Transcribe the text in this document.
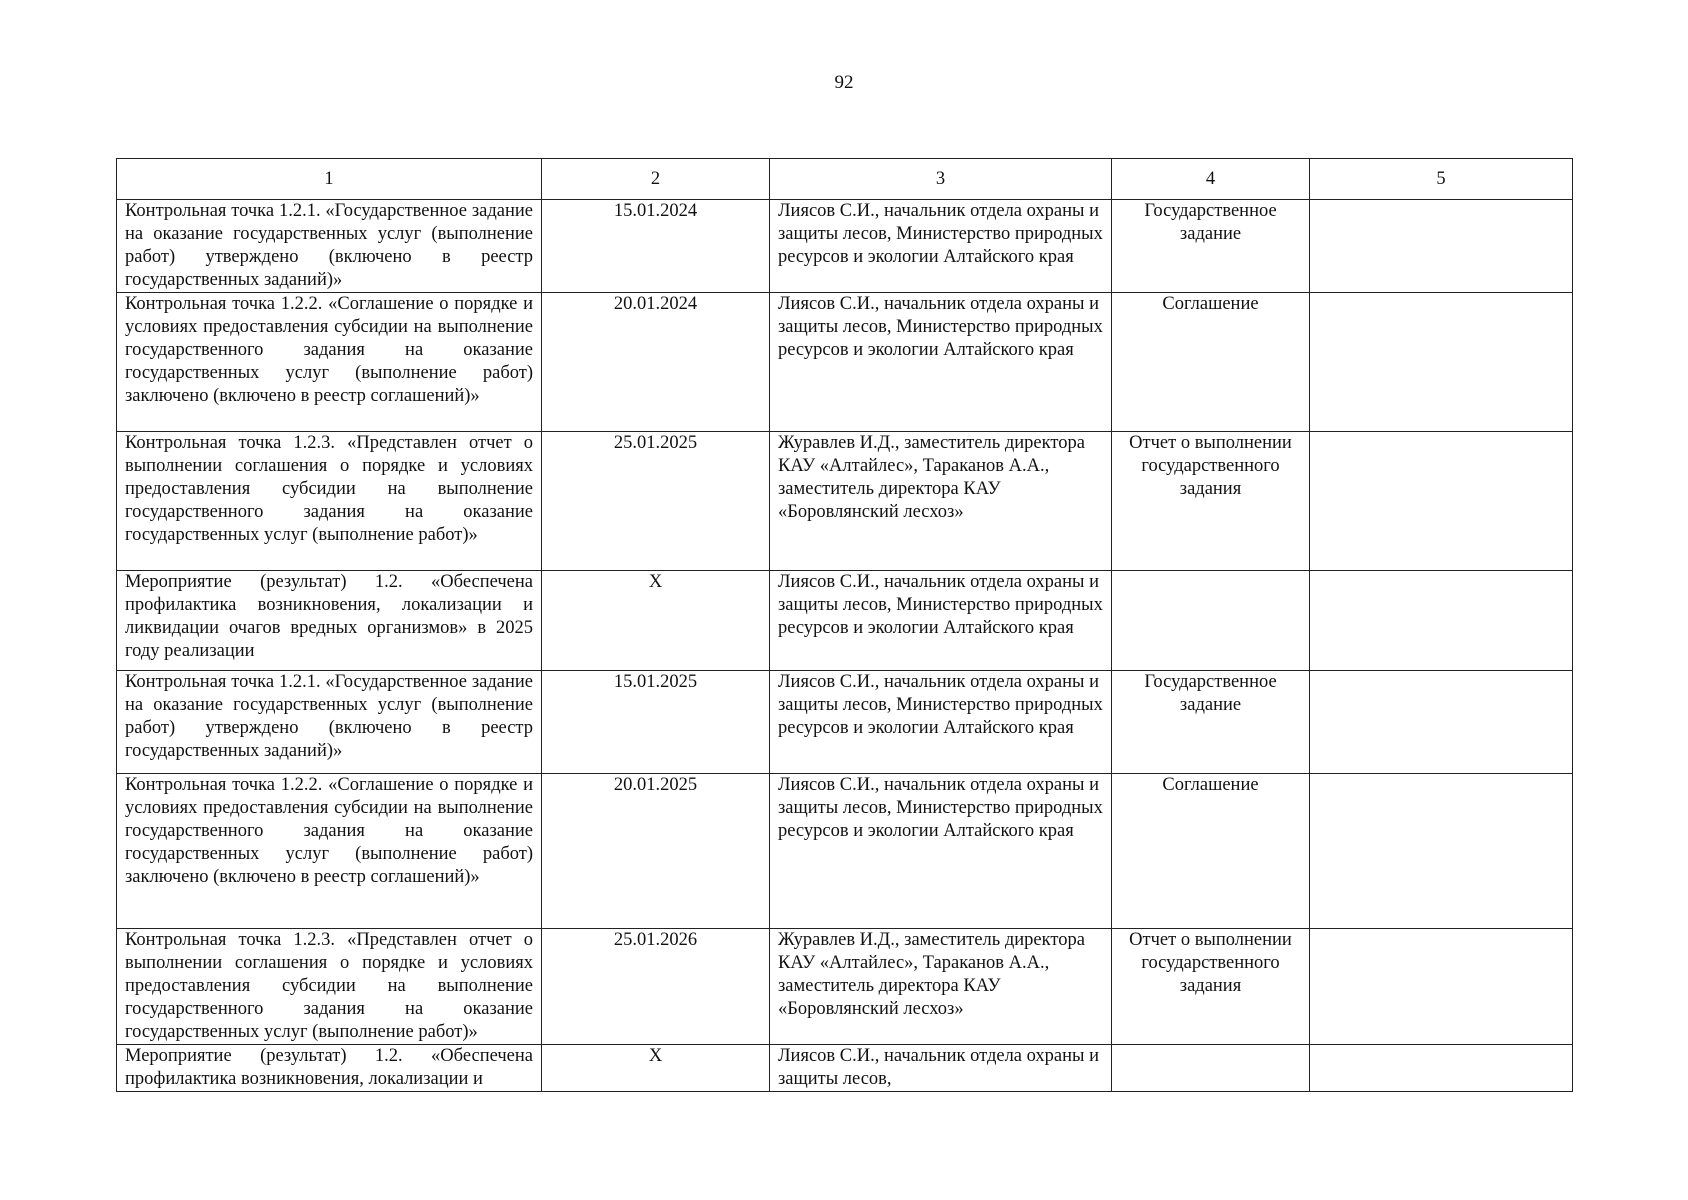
92
1	2	3	4	5
Контрольная точка 1.2.1. «Государственное задание на оказание государственных услуг (выполнение работ) утверждено (включено в реестр государственных заданий)»	15.01.2024	Лиясов С.И., начальник отдела охраны и защиты лесов, Министерство природных ресурсов и экологии Алтайского края	Государственное задание	
Контрольная точка 1.2.2. «Соглашение о порядке и условиях предоставления субсидии на выполнение государственного задания на оказание государственных услуг (выполнение работ) заключено (включено в реестр соглашений)»	20.01.2024	Лиясов С.И., начальник отдела охраны и защиты лесов, Министерство природных ресурсов и экологии Алтайского края	Соглашение	
Контрольная точка 1.2.3. «Представлен отчет о выполнении соглашения о порядке и условиях предоставления субсидии на выполнение государственного задания на оказание государственных услуг (выполнение работ)»	25.01.2025	Журавлев И.Д., заместитель директора КАУ «Алтайлес», Тараканов А.А., заместитель директора КАУ «Боровлянский лесхоз»	Отчет о выполнении государственного задания	
Мероприятие (результат) 1.2. «Обеспечена профилактика возникновения, локализации и ликвидации очагов вредных организмов» в 2025 году реализации	Х	Лиясов С.И., начальник отдела охраны и защиты лесов, Министерство природных ресурсов и экологии Алтайского края		
Контрольная точка 1.2.1. «Государственное задание на оказание государственных услуг (выполнение работ) утверждено (включено в реестр государственных заданий)»	15.01.2025	Лиясов С.И., начальник отдела охраны и защиты лесов, Министерство природных ресурсов и экологии Алтайского края	Государственное задание	
Контрольная точка 1.2.2. «Соглашение о порядке и условиях предоставления субсидии на выполнение государственного задания на оказание государственных услуг (выполнение работ) заключено (включено в реестр соглашений)»	20.01.2025	Лиясов С.И., начальник отдела охраны и защиты лесов, Министерство природных ресурсов и экологии Алтайского края	Соглашение	
Контрольная точка 1.2.3. «Представлен отчет о выполнении соглашения о порядке и условиях предоставления субсидии на выполнение государственного задания на оказание государственных услуг (выполнение работ)»	25.01.2026	Журавлев И.Д., заместитель директора КАУ «Алтайлес», Тараканов А.А., заместитель директора КАУ «Боровлянский лесхоз»	Отчет о выполнении государственного задания	
Мероприятие (результат) 1.2. «Обеспечена профилактика возникновения, локализации и	Х	Лиясов С.И., начальник отдела охраны и защиты лесов,		
